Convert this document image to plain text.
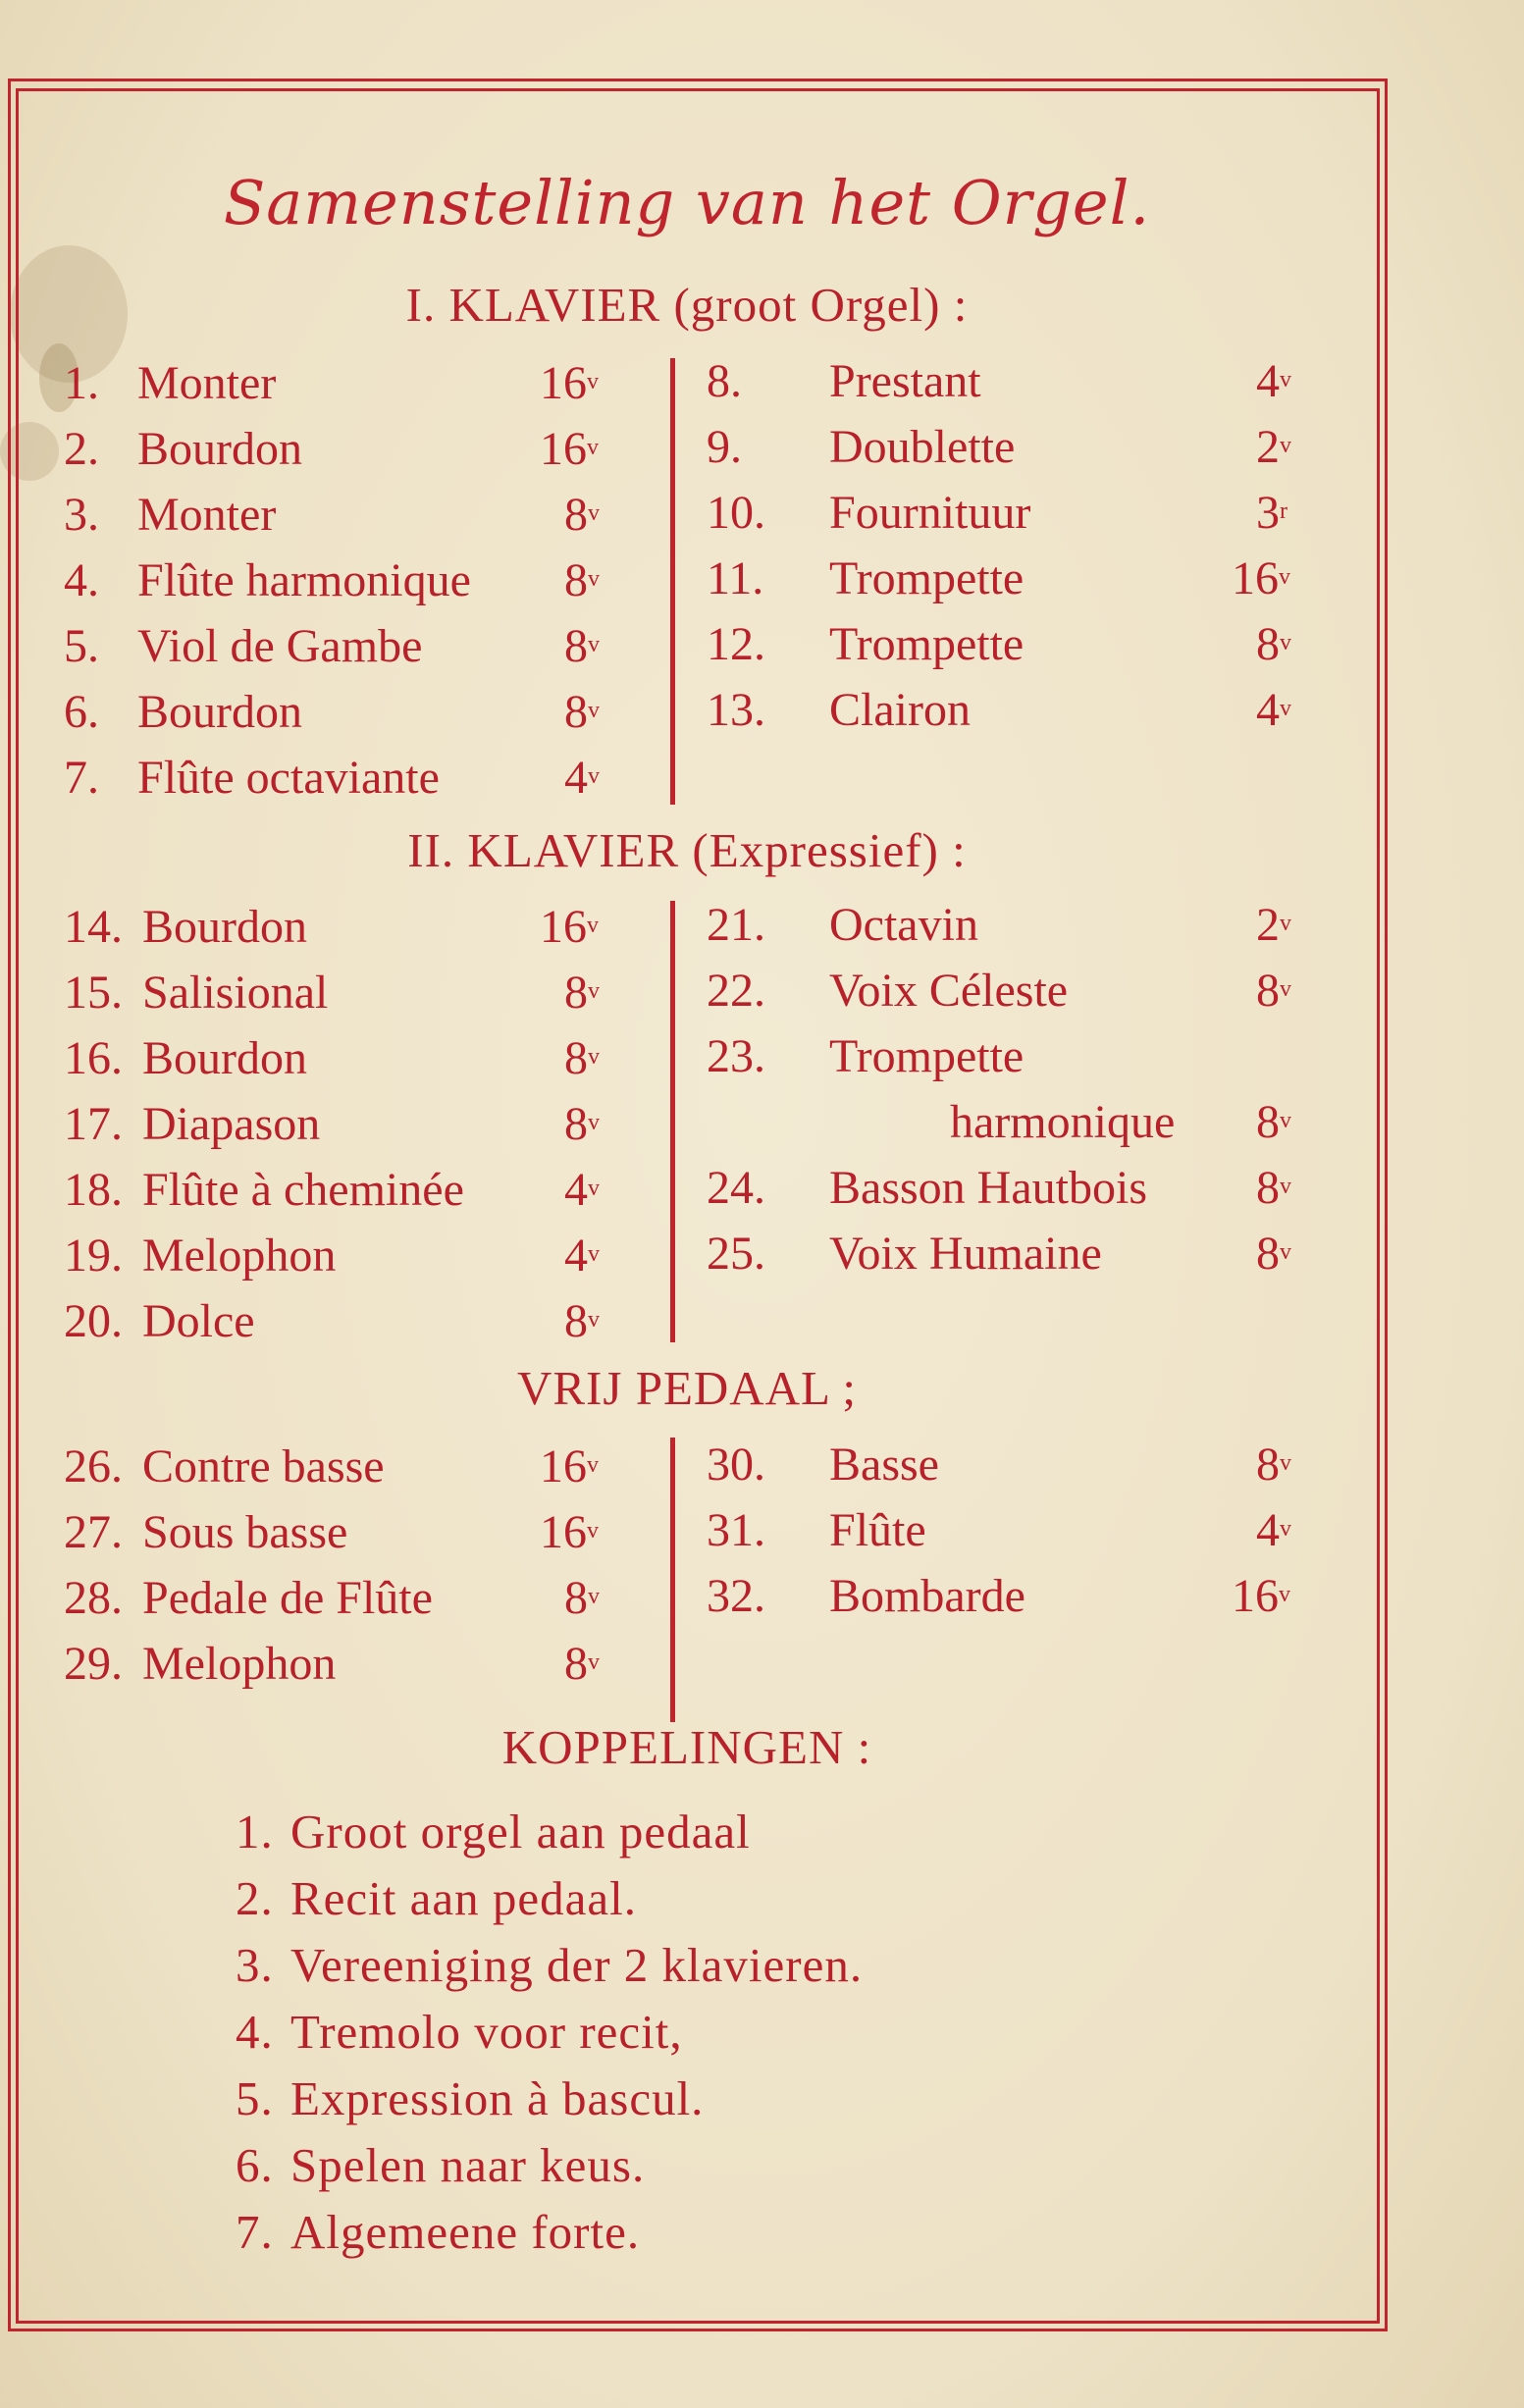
Samenstelling van het Orgel.
I. KLAVIER (groot Orgel) :
1. Monter	16$^v$
2. Bourdon	16$^v$
3. Monter	8$^v$
4. Flûte harmonique 8$^v$
5. Viol de Gambe	8$^v$
6. Bourdon	8$^v$
7. Flûte octaviante	4$^v$
8. Prestant	4$^v$
9. Doublette	2$^v$
10. Fournituur	3$^r$
11. Trompette	16$^v$
12. Trompette	8$^v$
13. Clairon	4$^v$
II. KLAVIER (Expressief) :
14. Bourdon	16$^v$
15. Salisional	8$^v$
16. Bourdon	8$^v$
17. Diapason	8$^v$
18. Flûte à cheminée 4$^v$
19. Melophon	4$^v$
20. Dolce	8$^v$
21. Octavin	2$^v$
22. Voix Céleste	8$^v$
23. Trompette
harmonique 8$^v$
24. Basson Hautbois 8$^v$
25. Voix Humaine	8$^v$
VRIJ PEDAAL ;
26. Contre basse	16$^v$
27. Sous basse	16$^v$
28. Pedale de Flûte	8$^v$
29. Melophon	8$^v$
30. Basse	8$^v$
31. Flûte	4$^v$
32. Bombarde	16$^v$
KOPPELINGEN :
1. Groot orgel aan pedaal
2. Recit aan pedaal.
3. Vereeniging der 2 klavieren.
4. Tremolo voor recit,
5. Expression à bascul.
6. Spelen naar keus.
7. Algemeene forte.
